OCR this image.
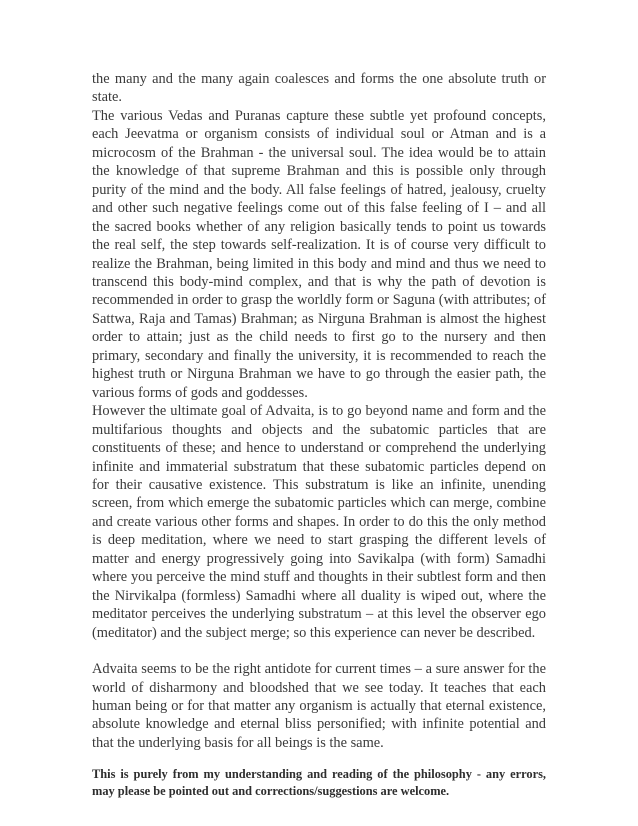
the many and the many again coalesces and forms the one absolute truth or state.

The various Vedas and Puranas capture these subtle yet profound concepts, each Jeevatma or organism consists of individual soul or Atman and is a microcosm of the Brahman - the universal soul. The idea would be to attain the knowledge of that supreme Brahman and this is possible only through purity of the mind and the body. All false feelings of hatred, jealousy, cruelty and other such negative feelings come out of this false feeling of I – and all the sacred books whether of any religion basically tends to point us towards the real self, the step towards self-realization. It is of course very difficult to realize the Brahman, being limited in this body and mind and thus we need to transcend this body-mind complex, and that is why the path of devotion is recommended in order to grasp the worldly form or Saguna (with attributes; of Sattwa, Raja and Tamas) Brahman; as Nirguna Brahman is almost the highest order to attain; just as the child needs to first go to the nursery and then primary, secondary and finally the university, it is recommended to reach the highest truth or Nirguna Brahman we have to go through the easier path, the various forms of gods and goddesses.

However the ultimate goal of Advaita, is to go beyond name and form and the multifarious thoughts and objects and the subatomic particles that are constituents of these; and hence to understand or comprehend the underlying infinite and immaterial substratum that these subatomic particles depend on for their causative existence. This substratum is like an infinite, unending screen, from which emerge the subatomic particles which can merge, combine and create various other forms and shapes. In order to do this the only method is deep meditation, where we need to start grasping the different levels of matter and energy progressively going into Savikalpa (with form) Samadhi where you perceive the mind stuff and thoughts in their subtlest form and then the Nirvikalpa (formless) Samadhi where all duality is wiped out, where the meditator perceives the underlying substratum – at this level the observer ego (meditator) and the subject merge; so this experience can never be described.

Advaita seems to be the right antidote for current times – a sure answer for the world of disharmony and bloodshed that we see today. It teaches that each human being or for that matter any organism is actually that eternal existence, absolute knowledge and eternal bliss personified; with infinite potential and that the underlying basis for all beings is the same.

This is purely from my understanding and reading of the philosophy - any errors, may please be pointed out and corrections/suggestions are welcome.
